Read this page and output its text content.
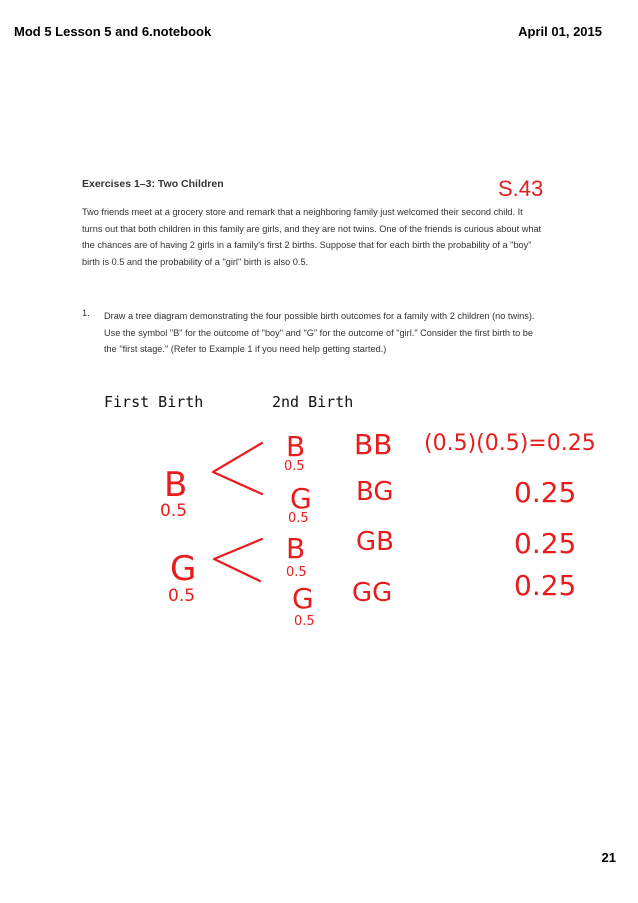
Mod 5 Lesson 5 and 6.notebook	April 01, 2015
Exercises 1–3: Two Children
Two friends meet at a grocery store and remark that a neighboring family just welcomed their second child. It turns out that both children in this family are girls, and they are not twins. One of the friends is curious about what the chances are of having 2 girls in a family's first 2 births. Suppose that for each birth the probability of a "boy" birth is 0.5 and the probability of a "girl" birth is also 0.5.
1. Draw a tree diagram demonstrating the four possible birth outcomes for a family with 2 children (no twins). Use the symbol "B" for the outcome of "boy" and "G" for the outcome of "girl." Consider the first birth to be the "first stage." (Refer to Example 1 if you need help getting started.)
S.43
First Birth	2nd Birth
B
0.5
G
0.5
B
0.5
G
0.5
B
0.5
G
0.5
BB
BG
GB
GG
(0.5)(0.5)=0.25
0.25
0.25
0.25
21
